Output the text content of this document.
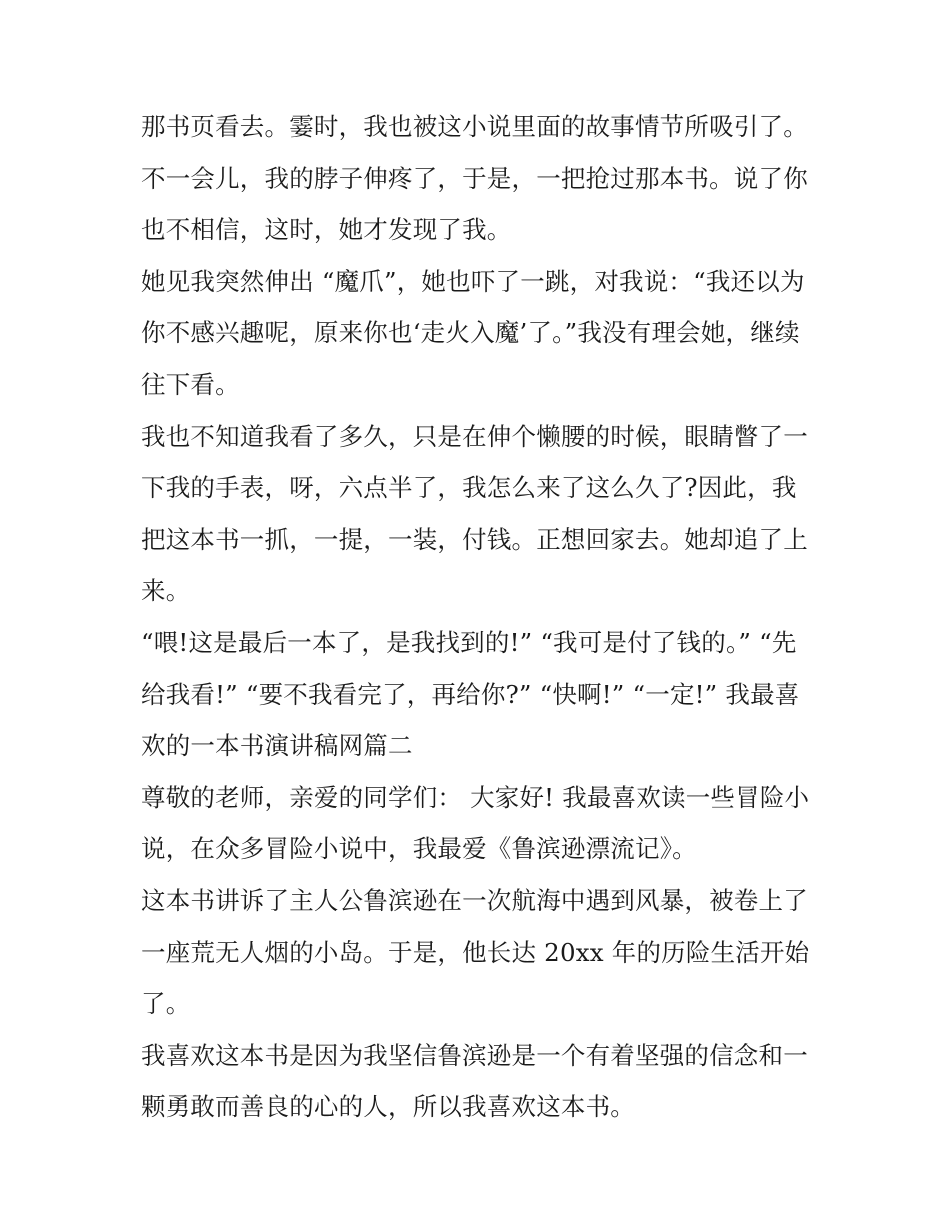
那书页看去。霎时，我也被这小说里面的故事情节所吸引了。不一会儿，我的脖子伸疼了，于是，一把抢过那本书。说了你也不相信，这时，她才发现了我。

她见我突然伸出 “魔爪”，她也吓了一跳，对我说：“我还以为你不感兴趣呢，原来你也‘走火入魔’了。”我没有理会她，继续往下看。

我也不知道我看了多久，只是在伸个懒腰的时候，眼睛瞥了一下我的手表，呀，六点半了，我怎么来了这么久了?因此，我把这本书一抓，一提，一装，付钱。正想回家去。她却追了上来。

“喂!这是最后一本了，是我找到的!” “我可是付了钱的。” “先给我看!” “要不我看完了，再给你?” “快啊!” “一定!” 我最喜欢的一本书演讲稿网篇二

尊敬的老师，亲爱的同学们： 大家好! 我最喜欢读一些冒险小说，在众多冒险小说中，我最爱《鲁滨逊漂流记》。

这本书讲诉了主人公鲁滨逊在一次航海中遇到风暴，被卷上了一座荒无人烟的小岛。于是，他长达 20xx 年的历险生活开始了。

我喜欢这本书是因为我坚信鲁滨逊是一个有着坚强的信念和一颗勇敢而善良的心的人，所以我喜欢这本书。
